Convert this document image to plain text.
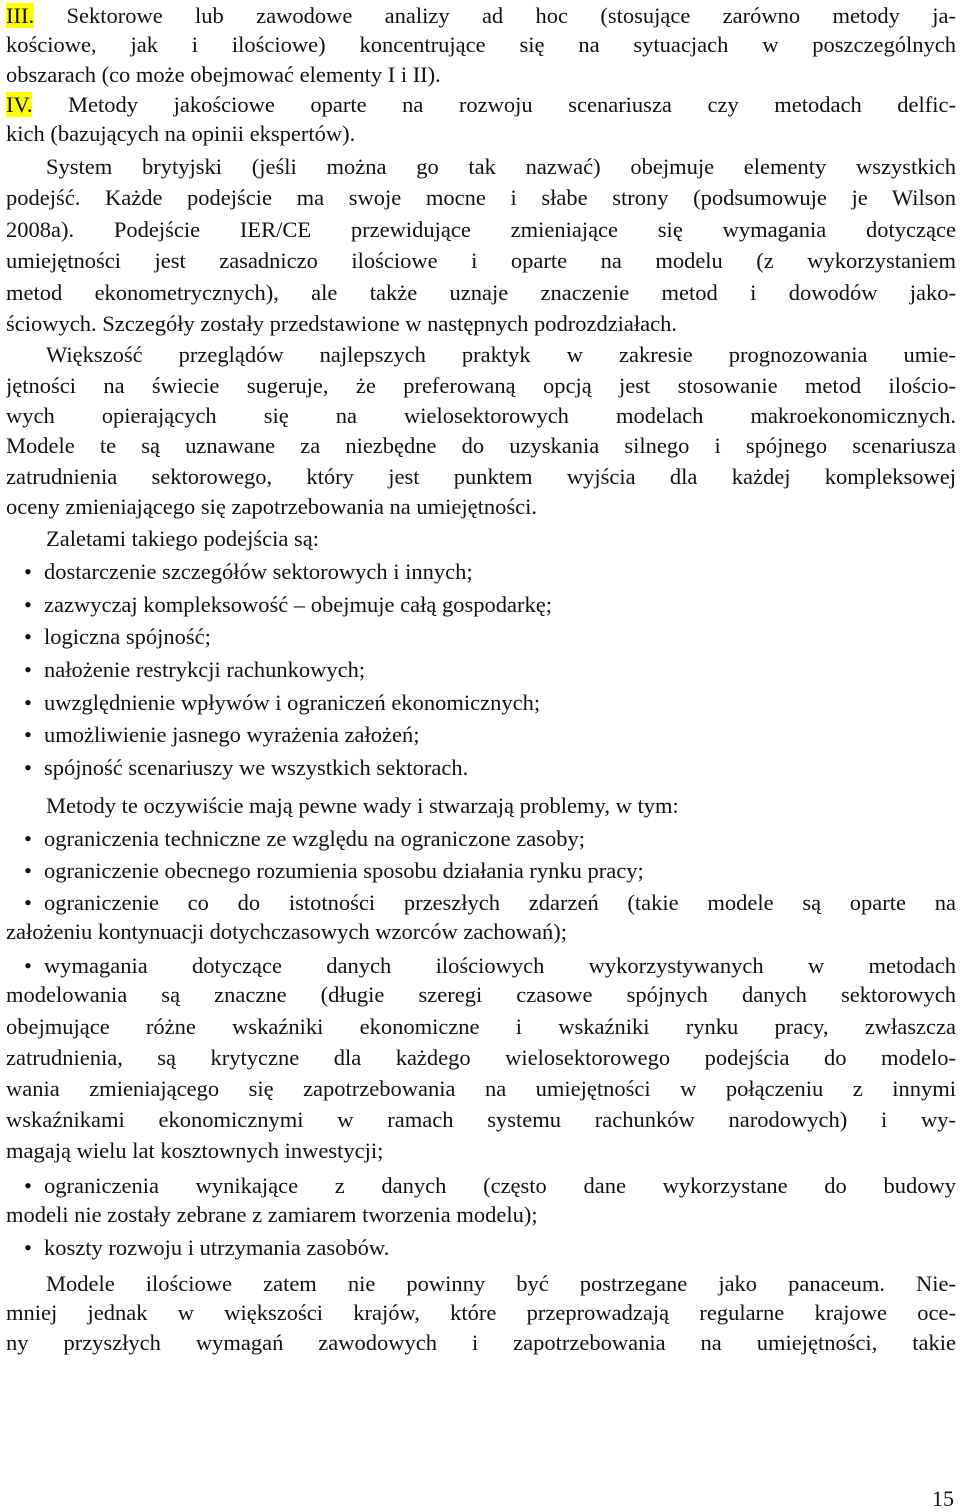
III. Sektorowe lub zawodowe analizy ad hoc (stosujące zarówno metody ja-
kościowe, jak i ilościowe) koncentrujące się na sytuacjach w poszczególnych
obszarach (co może obejmować elementy I i II).
IV. Metody jakościowe oparte na rozwoju scenariusza czy metodach delfic-
kich (bazujących na opinii ekspertów).
System brytyjski (jeśli można go tak nazwać) obejmuje elementy wszystkich
podejść. Każde podejście ma swoje mocne i słabe strony (podsumowuje je Wilson
2008a). Podejście IER/CE przewidujące zmieniające się wymagania dotyczące
umiejętności jest zasadniczo ilościowe i oparte na modelu (z wykorzystaniem
metod ekonometrycznych), ale także uznaje znaczenie metod i dowodów jako-
ściowych. Szczegóły zostały przedstawione w następnych podrozdziałach.
Większość przeglądów najlepszych praktyk w zakresie prognozowania umie-
jętności na świecie sugeruje, że preferowaną opcją jest stosowanie metod ilościo-
wych opierających się na wielosektorowych modelach makroekonomicznych.
Modele te są uznawane za niezbędne do uzyskania silnego i spójnego scenariusza
zatrudnienia sektorowego, który jest punktem wyjścia dla każdej kompleksowej
oceny zmieniającego się zapotrzebowania na umiejętności.
Zaletami takiego podejścia są:
• dostarczenie szczegółów sektorowych i innych;
• zazwyczaj kompleksowość – obejmuje całą gospodarkę;
• logiczna spójność;
• nałożenie restrykcji rachunkowych;
• uwzględnienie wpływów i ograniczeń ekonomicznych;
• umożliwienie jasnego wyrażenia założeń;
• spójność scenariuszy we wszystkich sektorach.
Metody te oczywiście mają pewne wady i stwarzają problemy, w tym:
• ograniczenia techniczne ze względu na ograniczone zasoby;
• ograniczenie obecnego rozumienia sposobu działania rynku pracy;
• ograniczenie co do istotności przeszłych zdarzeń (takie modele są oparte na
założeniu kontynuacji dotychczasowych wzorców zachowań);
• wymagania dotyczące danych ilościowych wykorzystywanych w metodach
modelowania są znaczne (długie szeregi czasowe spójnych danych sektorowych
obejmujące różne wskaźniki ekonomiczne i wskaźniki rynku pracy, zwłaszcza
zatrudnienia, są krytyczne dla każdego wielosektorowego podejścia do modelo-
wania zmieniającego się zapotrzebowania na umiejętności w połączeniu z innymi
wskaźnikami ekonomicznymi w ramach systemu rachunków narodowych) i wy-
magają wielu lat kosztownych inwestycji;
• ograniczenia wynikające z danych (często dane wykorzystane do budowy
modeli nie zostały zebrane z zamiarem tworzenia modelu);
• koszty rozwoju i utrzymania zasobów.
Modele ilościowe zatem nie powinny być postrzegane jako panaceum. Nie-
mniej jednak w większości krajów, które przeprowadzają regularne krajowe oce-
ny przyszłych wymagań zawodowych i zapotrzebowania na umiejętności, takie
15
